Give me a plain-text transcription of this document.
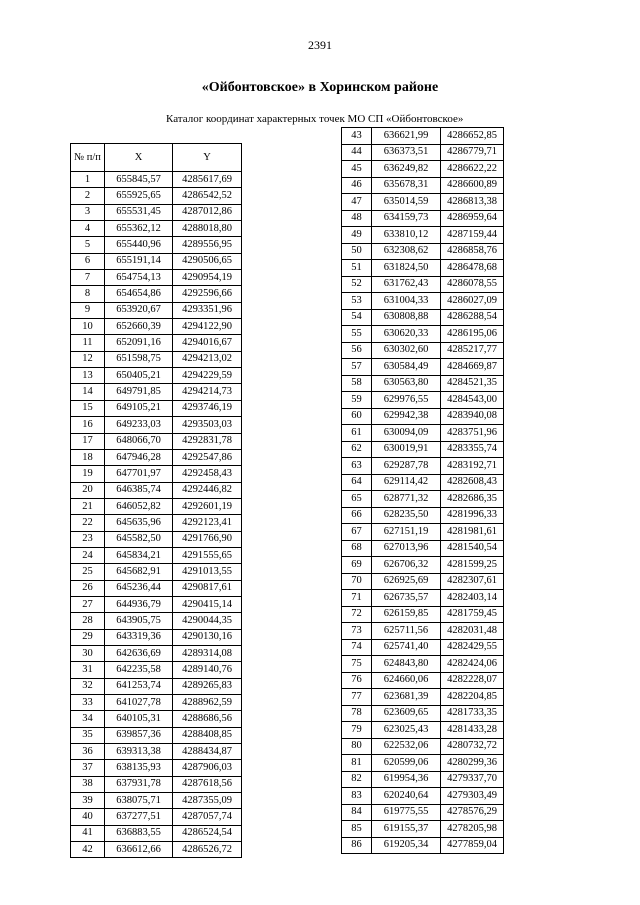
2391
«Ойбонтовское» в Хоринском районе
Каталог координат характерных точек МО СП «Ойбонтовское»
№ п/п	X	Y
1	655845,57	4285617,69
2	655925,65	4286542,52
3	655531,45	4287012,86
4	655362,12	4288018,80
5	655440,96	4289556,95
6	655191,14	4290506,65
7	654754,13	4290954,19
8	654654,86	4292596,66
9	653920,67	4293351,96
10	652660,39	4294122,90
11	652091,16	4294016,67
12	651598,75	4294213,02
13	650405,21	4294229,59
14	649791,85	4294214,73
15	649105,21	4293746,19
16	649233,03	4293503,03
17	648066,70	4292831,78
18	647946,28	4292547,86
19	647701,97	4292458,43
20	646385,74	4292446,82
21	646052,82	4292601,19
22	645635,96	4292123,41
23	645582,50	4291766,90
24	645834,21	4291555,65
25	645682,91	4291013,55
26	645236,44	4290817,61
27	644936,79	4290415,14
28	643905,75	4290044,35
29	643319,36	4290130,16
30	642636,69	4289314,08
31	642235,58	4289140,76
32	641253,74	4289265,83
33	641027,78	4288962,59
34	640105,31	4288686,56
35	639857,36	4288408,85
36	639313,38	4288434,87
37	638135,93	4287906,03
38	637931,78	4287618,56
39	638075,71	4287355,09
40	637277,51	4287057,74
41	636883,55	4286524,54
42	636612,66	4286526,72
43	636621,99	4286652,85
44	636373,51	4286779,71
45	636249,82	4286622,22
46	635678,31	4286600,89
47	635014,59	4286813,38
48	634159,73	4286959,64
49	633810,12	4287159,44
50	632308,62	4286858,76
51	631824,50	4286478,68
52	631762,43	4286078,55
53	631004,33	4286027,09
54	630808,88	4286288,54
55	630620,33	4286195,06
56	630302,60	4285217,77
57	630584,49	4284669,87
58	630563,80	4284521,35
59	629976,55	4284543,00
60	629942,38	4283940,08
61	630094,09	4283751,96
62	630019,91	4283355,74
63	629287,78	4283192,71
64	629114,42	4282608,43
65	628771,32	4282686,35
66	628235,50	4281996,33
67	627151,19	4281981,61
68	627013,96	4281540,54
69	626706,32	4281599,25
70	626925,69	4282307,61
71	626735,57	4282403,14
72	626159,85	4281759,45
73	625711,56	4282031,48
74	625741,40	4282429,55
75	624843,80	4282424,06
76	624660,06	4282228,07
77	623681,39	4282204,85
78	623609,65	4281733,35
79	623025,43	4281433,28
80	622532,06	4280732,72
81	620599,06	4280299,36
82	619954,36	4279337,70
83	620240,64	4279303,49
84	619775,55	4278576,29
85	619155,37	4278205,98
86	619205,34	4277859,04
